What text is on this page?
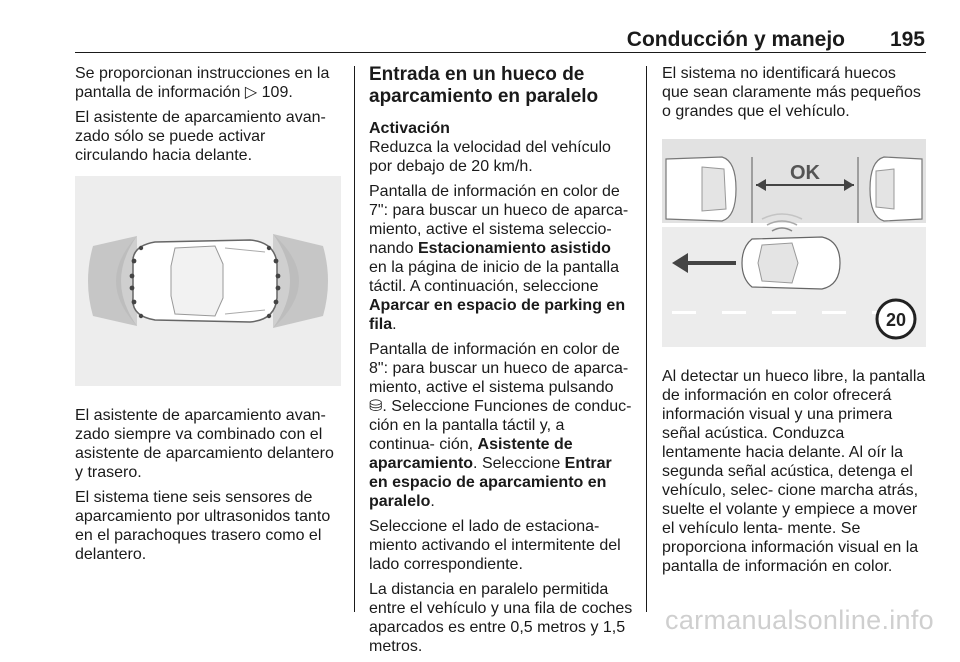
Conducción y manejo 195

Se proporcionan instrucciones en la pantalla de información ▷ 109.

El asistente de aparcamiento avan- zado sólo se puede activar circulando hacia delante.

El asistente de aparcamiento avan- zado siempre va combinado con el asistente de aparcamiento delantero y trasero.

El sistema tiene seis sensores de aparcamiento por ultrasonidos tanto en el parachoques trasero como el delantero.

Entrada en un hueco de aparcamiento en paralelo
Activación

Reduzca la velocidad del vehículo por debajo de 20 km/h.

Pantalla de información en color de 7": para buscar un hueco de aparca- miento, active el sistema seleccio- nando Estacionamiento asistido en la página de inicio de la pantalla táctil. A continuación, seleccione Aparcar en espacio de parking en fila.

Pantalla de información en color de 8": para buscar un hueco de aparca- miento, active el sistema pulsando ⛁. Seleccione Funciones de conduc- ción en la pantalla táctil y, a continua- ción, Asistente de aparcamiento. Seleccione Entrar en espacio de aparcamiento en paralelo.

Seleccione el lado de estaciona- miento activando el intermitente del lado correspondiente.

La distancia en paralelo permitida entre el vehículo y una fila de coches aparcados es entre 0,5 metros y 1,5 metros.

El sistema no identificará huecos que sean claramente más pequeños o grandes que el vehículo.

OK
20

Al detectar un hueco libre, la pantalla de información en color ofrecerá información visual y una primera señal acústica. Conduzca lentamente hacia delante. Al oír la segunda señal acústica, detenga el vehículo, selec- cione marcha atrás, suelte el volante y empiece a mover el vehículo lenta- mente. Se proporciona información visual en la pantalla de información en color.

carmanualsonline.info
